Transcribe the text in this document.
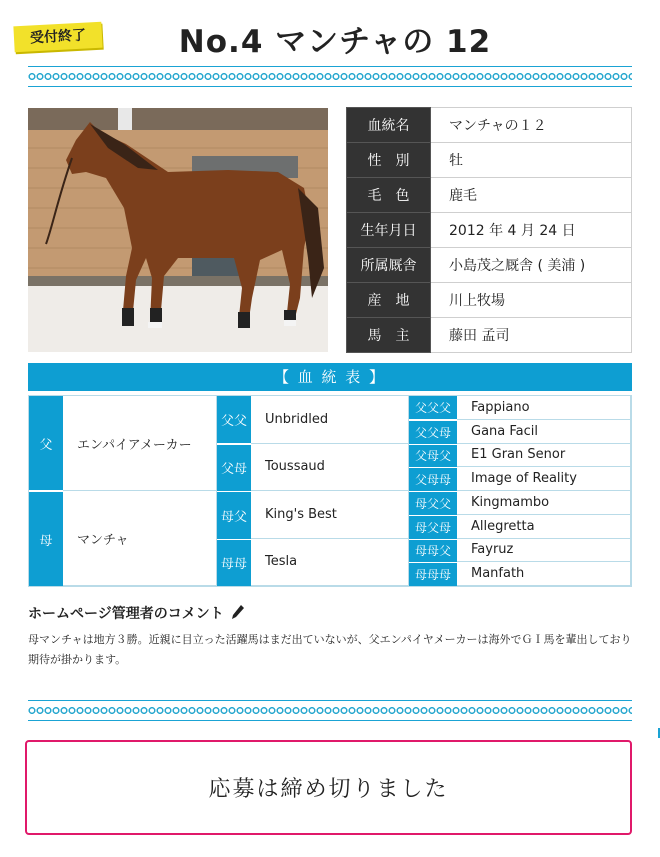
受付終了	No.4 マンチャの 12
血統名	マンチャの１２
性　別	牡
毛　色	鹿毛
生年月日	2012 年 4 月 24 日
所属厩舎	小島茂之厩舎 ( 美浦 )
産　地	川上牧場
馬　主	藤田 孟司
【 血 統 表 】
父	エンパイアメーカー
母	マンチャ
父父	Unbridled
父母	Toussaud
母父	King's Best
母母	Tesla
父父父	Fappiano
父父母	Gana Facil
父母父	E1 Gran Senor
父母母	Image of Reality
母父父	Kingmambo
母父母	Allegretta
母母父	Fayruz
母母母	Manfath
ホームページ管理者のコメント
母マンチャは地方３勝。近親に目立った活躍馬はまだ出ていないが、父エンパイヤメーカーは海外でＧＩ馬を輩出しており期待が掛かります。
応募は締め切りました
